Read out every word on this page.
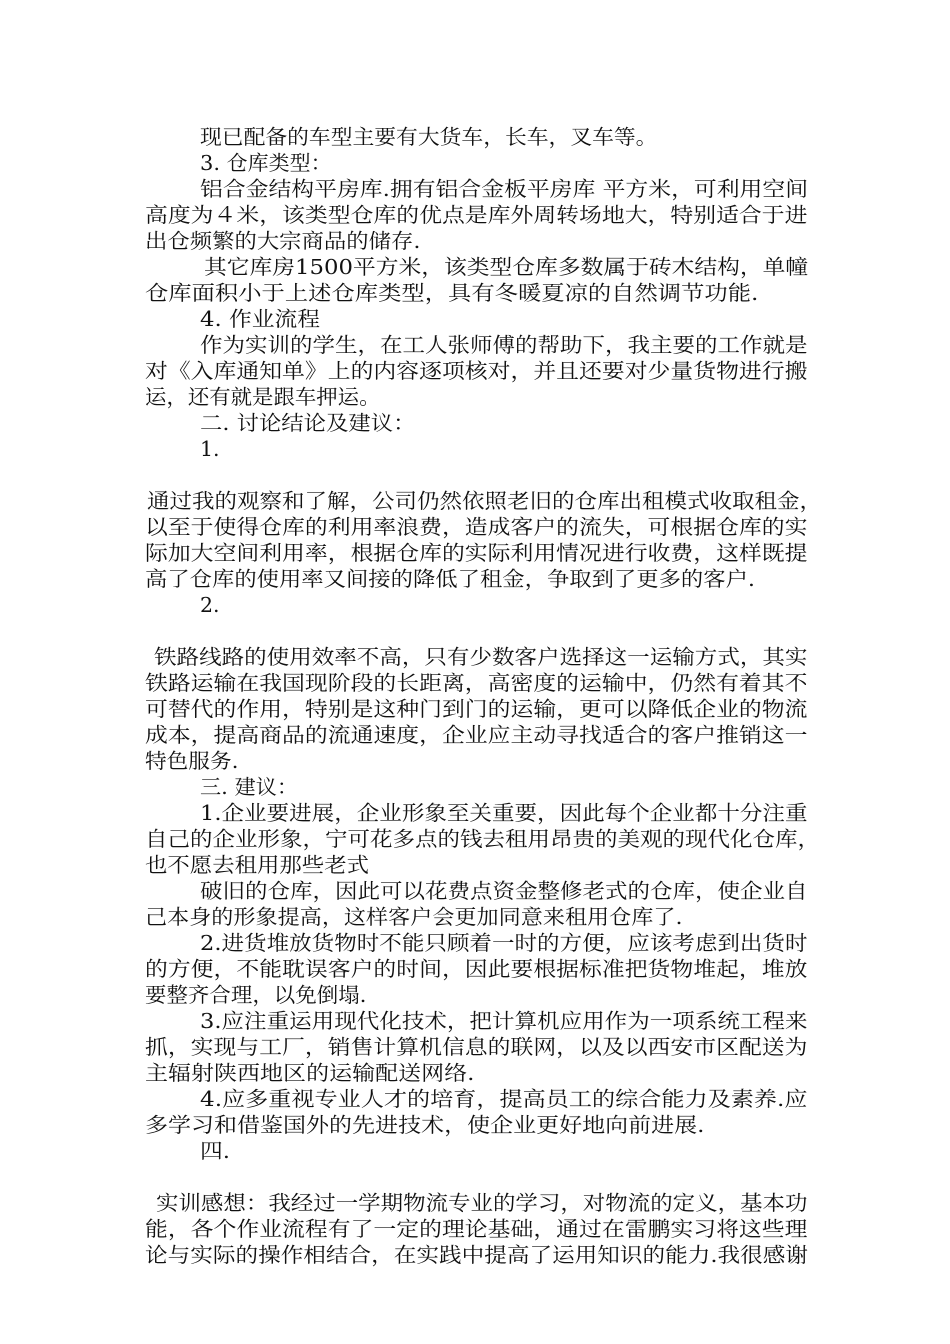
现已配备的车型主要有大货车，长车，叉车等。
3. 仓库类型：
铝合金结构平房库.拥有铝合金板平房库 平方米，可利用空间
高度为４米，该类型仓库的优点是库外周转场地大，特别适合于进
出仓频繁的大宗商品的储存.
其它库房1500平方米，该类型仓库多数属于砖木结构，单幢
仓库面积小于上述仓库类型，具有冬暖夏凉的自然调节功能.
4. 作业流程
作为实训的学生，在工人张师傅的帮助下，我主要的工作就是
对《入库通知单》上的内容逐项核对，并且还要对少量货物进行搬
运，还有就是跟车押运。
二. 讨论结论及建议：
1.
通过我的观察和了解，公司仍然依照老旧的仓库出租模式收取租金，
以至于使得仓库的利用率浪费，造成客户的流失，可根据仓库的实
际加大空间利用率，根据仓库的实际利用情况进行收费，这样既提
高了仓库的使用率又间接的降低了租金，争取到了更多的客户.
2.
铁路线路的使用效率不高，只有少数客户选择这一运输方式，其实
铁路运输在我国现阶段的长距离，高密度的运输中，仍然有着其不
可替代的作用，特别是这种门到门的运输，更可以降低企业的物流
成本，提高商品的流通速度，企业应主动寻找适合的客户推销这一
特色服务.
三. 建议：
1.企业要进展，企业形象至关重要，因此每个企业都十分注重
自己的企业形象，宁可花多点的钱去租用昂贵的美观的现代化仓库，
也不愿去租用那些老式
破旧的仓库，因此可以花费点资金整修老式的仓库，使企业自
己本身的形象提高，这样客户会更加同意来租用仓库了.
2.进货堆放货物时不能只顾着一时的方便，应该考虑到出货时
的方便，不能耽误客户的时间，因此要根据标准把货物堆起，堆放
要整齐合理，以免倒塌.
3.应注重运用现代化技术，把计算机应用作为一项系统工程来
抓，实现与工厂，销售计算机信息的联网，以及以西安市区配送为
主辐射陕西地区的运输配送网络.
4.应多重视专业人才的培育，提高员工的综合能力及素养.应
多学习和借鉴国外的先进技术，使企业更好地向前进展.
四.
实训感想：我经过一学期物流专业的学习，对物流的定义，基本功
能，各个作业流程有了一定的理论基础，通过在雷鹏实习将这些理
论与实际的操作相结合，在实践中提高了运用知识的能力.我很感谢
